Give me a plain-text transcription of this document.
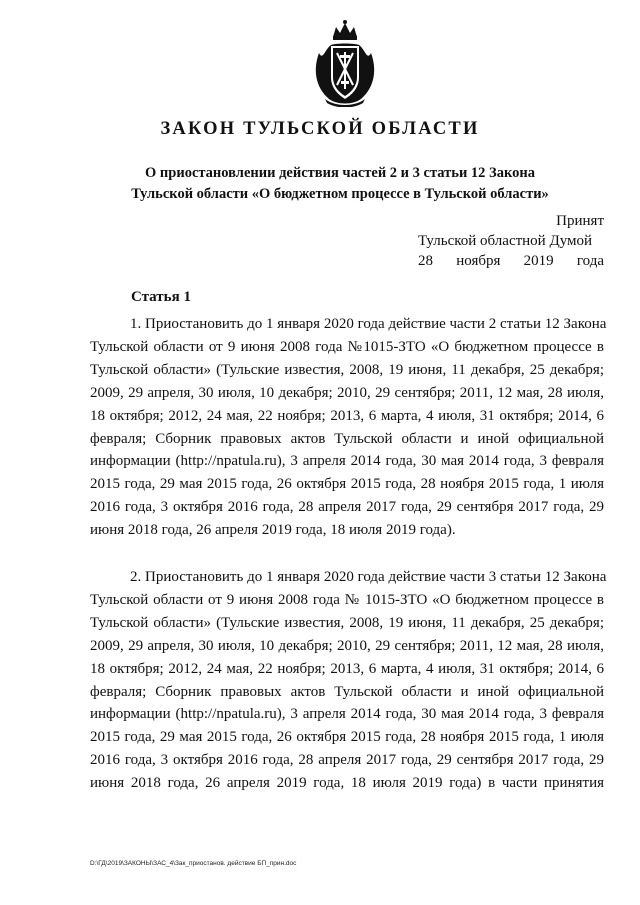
ЗАКОН ТУЛЬСКОЙ ОБЛАСТИ
О приостановлении действия частей 2 и 3 статьи 12 Закона
Тульской области «О бюджетном процессе в Тульской области»
Принят
Тульской областной Думой
28 ноября 2019 года
Статья 1
1. Приостановить до 1 января 2020 года действие части 2 статьи 12 Закона
Тульской области от 9 июня 2008 года №1015-ЗТО «О бюджетном процессе в
Тульской области» (Тульские известия, 2008, 19 июня, 11 декабря, 25 декабря;
2009, 29 апреля, 30 июля, 10 декабря; 2010, 29 сентября; 2011, 12 мая, 28 июля,
18 октября; 2012, 24 мая, 22 ноября; 2013, 6 марта, 4 июля, 31 октября; 2014, 6
февраля; Сборник правовых актов Тульской области и иной официальной
информации (http://npatula.ru), 3 апреля 2014 года, 30 мая 2014 года, 3 февраля
2015 года, 29 мая 2015 года, 26 октября 2015 года, 28 ноября 2015 года, 1 июля
2016 года, 3 октября 2016 года, 28 апреля 2017 года, 29 сентября 2017 года, 29
июня 2018 года, 26 апреля 2019 года, 18 июля 2019 года).
2. Приостановить до 1 января 2020 года действие части 3 статьи 12 Закона
Тульской области от 9 июня 2008 года № 1015-ЗТО «О бюджетном процессе в
Тульской области» (Тульские известия, 2008, 19 июня, 11 декабря, 25 декабря;
2009, 29 апреля, 30 июля, 10 декабря; 2010, 29 сентября; 2011, 12 мая, 28 июля,
18 октября; 2012, 24 мая, 22 ноября; 2013, 6 марта, 4 июля, 31 октября; 2014, 6
февраля; Сборник правовых актов Тульской области и иной официальной
информации (http://npatula.ru), 3 апреля 2014 года, 30 мая 2014 года, 3 февраля
2015 года, 29 мая 2015 года, 26 октября 2015 года, 28 ноября 2015 года, 1 июля
2016 года, 3 октября 2016 года, 28 апреля 2017 года, 29 сентября 2017 года, 29
июня 2018 года, 26 апреля 2019 года, 18 июля 2019 года) в части принятия

D:\ГД\2019\ЗАКОНЫ\ЗАС_4\Зак_приостанов. действие БП_прин.doc
